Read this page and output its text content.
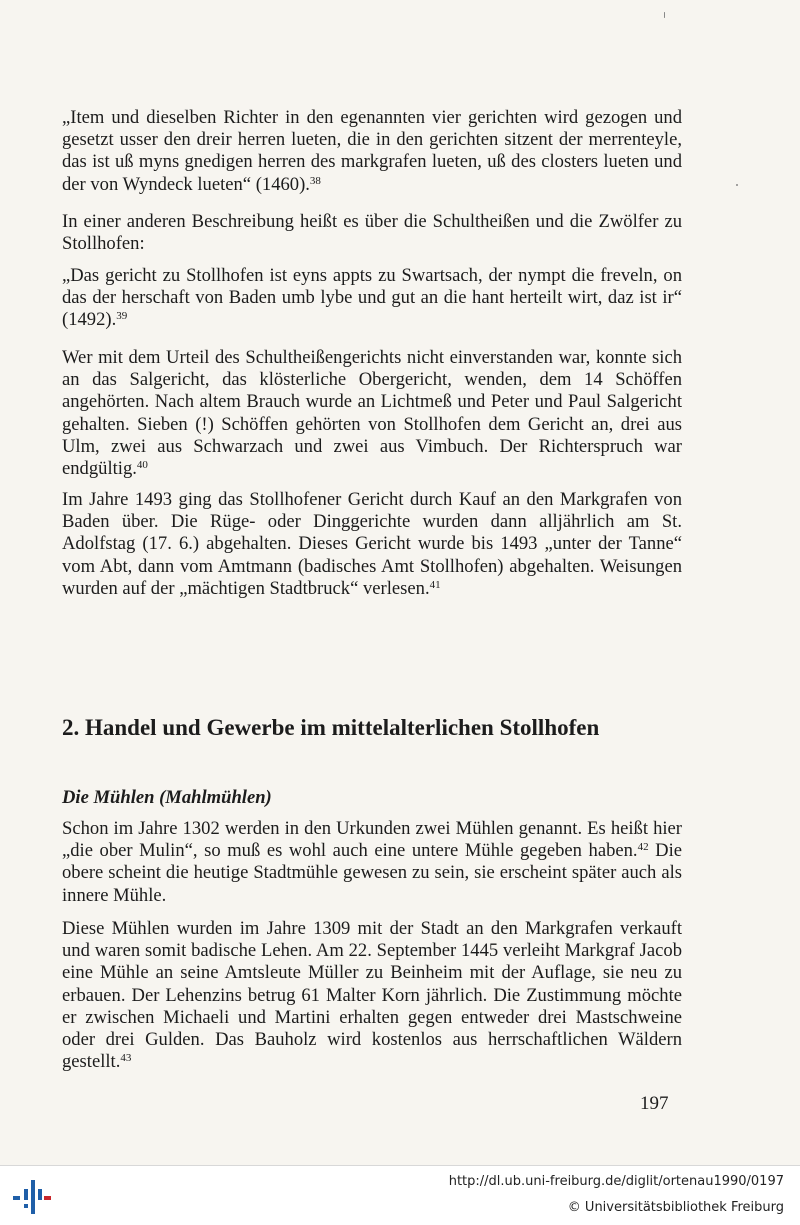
„Item und dieselben Richter in den egenannten vier gerichten wird gezogen und gesetzt usser den dreir herren lueten, die in den gerichten sitzent der merrenteyle, das ist uß myns gnedigen herren des markgrafen lueten, uß des closters lueten und der von Wyndeck lueten“ (1460).$^{38}$

In einer anderen Beschreibung heißt es über die Schultheißen und die Zwölfer zu Stollhofen:

„Das gericht zu Stollhofen ist eyns appts zu Swartsach, der nympt die freveln, on das der herschaft von Baden umb lybe und gut an die hant herteilt wirt, daz ist ir“ (1492).$^{39}$

Wer mit dem Urteil des Schultheißengerichts nicht einverstanden war, konnte sich an das Salgericht, das klösterliche Obergericht, wenden, dem 14 Schöffen angehörten. Nach altem Brauch wurde an Lichtmeß und Peter und Paul Salgericht gehalten. Sieben (!) Schöffen gehörten von Stollhofen dem Gericht an, drei aus Ulm, zwei aus Schwarzach und zwei aus Vimbuch. Der Richterspruch war endgültig.$^{40}$

Im Jahre 1493 ging das Stollhofener Gericht durch Kauf an den Markgrafen von Baden über. Die Rüge- oder Dinggerichte wurden dann alljährlich am St. Adolfstag (17. 6.) abgehalten. Dieses Gericht wurde bis 1493 „unter der Tanne“ vom Abt, dann vom Amtmann (badisches Amt Stollhofen) abgehalten. Weisungen wurden auf der „mächtigen Stadtbruck“ verlesen.$^{41}$

2. Handel und Gewerbe im mittelalterlichen Stollhofen
Die Mühlen (Mahlmühlen)

Schon im Jahre 1302 werden in den Urkunden zwei Mühlen genannt. Es heißt hier „die ober Mulin“, so muß es wohl auch eine untere Mühle gegeben haben.$^{42}$ Die obere scheint die heutige Stadtmühle gewesen zu sein, sie erscheint später auch als innere Mühle.

Diese Mühlen wurden im Jahre 1309 mit der Stadt an den Markgrafen verkauft und waren somit badische Lehen. Am 22. September 1445 verleiht Markgraf Jacob eine Mühle an seine Amtsleute Müller zu Beinheim mit der Auflage, sie neu zu erbauen. Der Lehenzins betrug 61 Malter Korn jährlich. Die Zustimmung möchte er zwischen Michaeli und Martini erhalten gegen entweder drei Mastschweine oder drei Gulden. Das Bauholz wird kostenlos aus herrschaftlichen Wäldern gestellt.$^{43}$

197
http://dl.ub.uni-freiburg.de/diglit/ortenau1990/0197
© Universitätsbibliothek Freiburg
